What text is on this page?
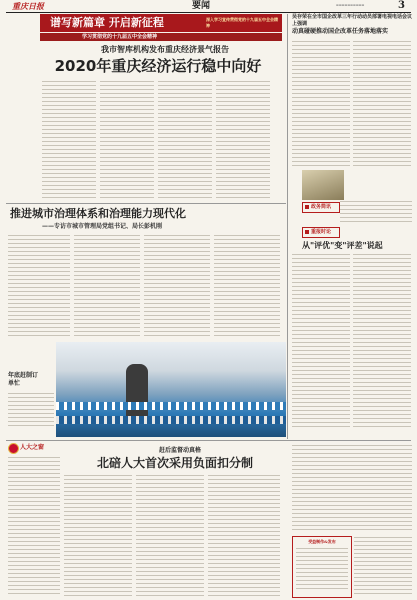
重庆日报	要闻	▬▬▬▬▬▬▬▬▬▬	3
谱写新篇章 开启新征程	深入学习宣传贯彻党的十九届五中全会精神
学习贯彻党的十九届五中全会精神
我市智库机构发布重庆经济景气报告
2020年重庆经济运行稳中向好
推进城市治理体系和治理能力现代化
——专访市城市管理局党组书记、局长彭机刚
吴存荣在全市国企改革三年行动动员部署电视电话会议上强调
动真碰硬推动国企改革任务落地落实
政务简讯
重报时论
从"评优"变"评差"说起
年底赶制订单忙
人大之窗	赶后监督动真格
北碚人大首次采用负面扣分制
受益制作&发布
